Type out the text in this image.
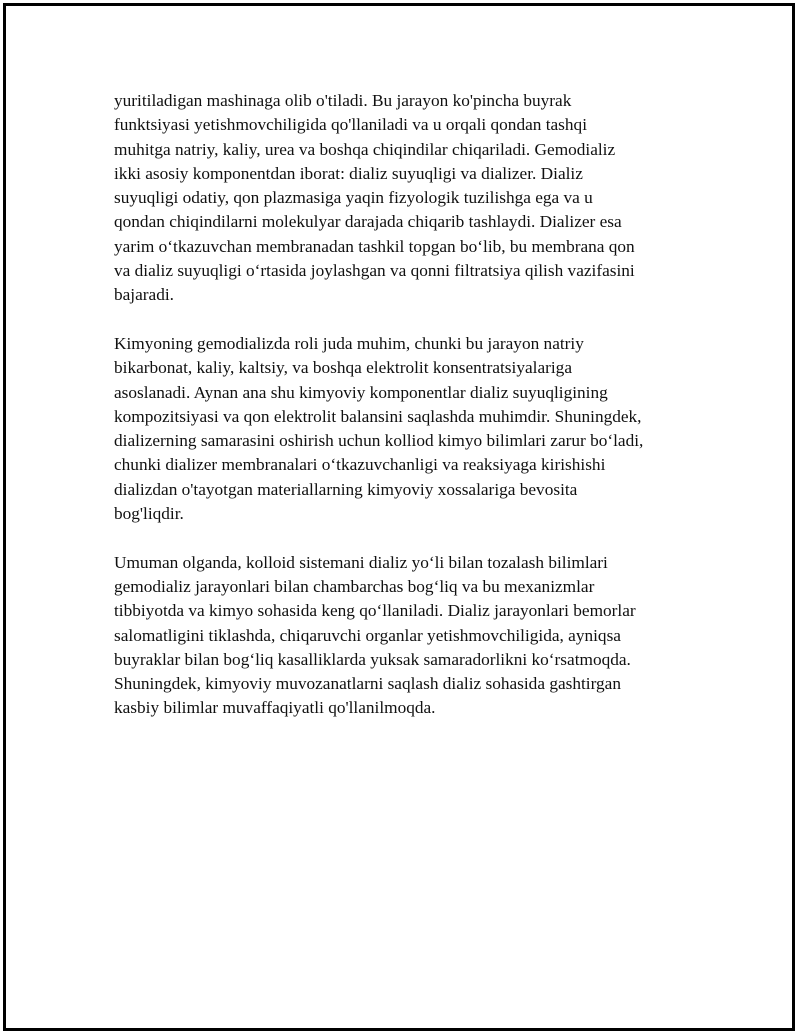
yuritiladigan mashinaga olib o'tiladi. Bu jarayon ko'pincha buyrak
funktsiyasi yetishmovchiligida qo'llaniladi va u orqali qondan tashqi
muhitga natriy, kaliy, urea va boshqa chiqindilar chiqariladi. Gemodializ
ikki asosiy komponentdan iborat: dializ suyuqligi va dializer. Dializ
suyuqligi odatiy, qon plazmasiga yaqin fizyologik tuzilishga ega va u
qondan chiqindilarni molekulyar darajada chiqarib tashlaydi. Dializer esa
yarim o‘tkazuvchan membranadan tashkil topgan bo‘lib, bu membrana qon
va dializ suyuqligi o‘rtasida joylashgan va qonni filtratsiya qilish vazifasini
bajaradi.

Kimyoning gemodializda roli juda muhim, chunki bu jarayon natriy
bikarbonat, kaliy, kaltsiy, va boshqa elektrolit konsentratsiyalariga
asoslanadi. Aynan ana shu kimyoviy komponentlar dializ suyuqligining
kompozitsiyasi va qon elektrolit balansini saqlashda muhimdir. Shuningdek,
dializerning samarasini oshirish uchun kolliod kimyo bilimlari zarur bo‘ladi,
chunki dializer membranalari o‘tkazuvchanligi va reaksiyaga kirishishi
dializdan o'tayotgan materiallarning kimyoviy xossalariga bevosita
bog'liqdir.

Umuman olganda, kolloid sistemani dializ yo‘li bilan tozalash bilimlari
gemodializ jarayonlari bilan chambarchas bog‘liq va bu mexanizmlar
tibbiyotda va kimyo sohasida keng qo‘llaniladi. Dializ jarayonlari bemorlar
salomatligini tiklashda, chiqaruvchi organlar yetishmovchiligida, ayniqsa
buyraklar bilan bog‘liq kasalliklarda yuksak samaradorlikni ko‘rsatmoqda.
Shuningdek, kimyoviy muvozanatlarni saqlash dializ sohasida gashtirgan
kasbiy bilimlar muvaffaqiyatli qo'llanilmoqda.
